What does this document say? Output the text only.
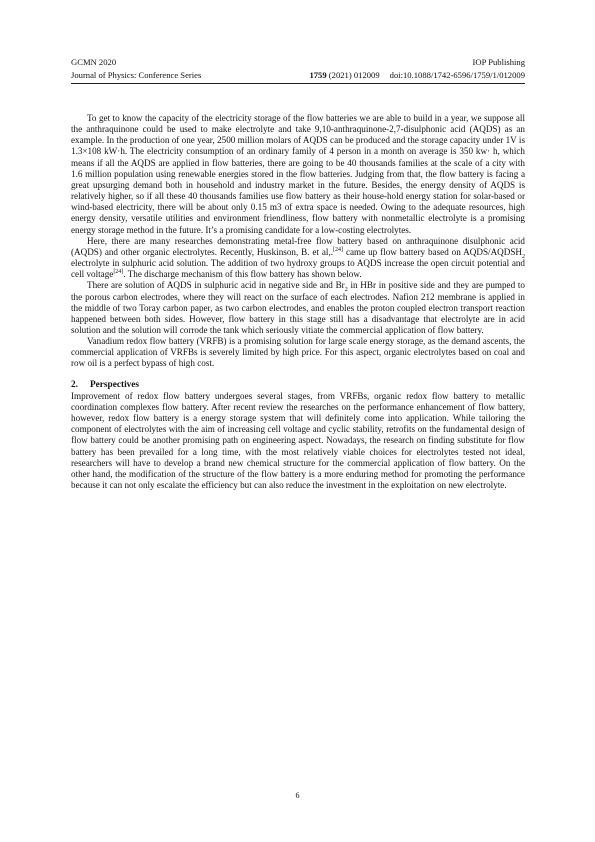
GCMN 2020	IOP Publishing
Journal of Physics: Conference Series	1759 (2021) 012009 doi:10.1088/1742-6596/1759/1/012009

To get to know the capacity of the electricity storage of the flow batteries we are able to build in a year, we suppose all the anthraquinone could be used to make electrolyte and take 9,10-anthraquinone-2,7-disulphonic acid (AQDS) as an example. In the production of one year, 2500 million molars of AQDS can be produced and the storage capacity under 1V is 1.3×108 kW·h. The electricity consumption of an ordinary family of 4 person in a month on average is 350 kw· h, which means if all the AQDS are applied in flow batteries, there are going to be 40 thousands families at the scale of a city with 1.6 million population using renewable energies stored in the flow batteries. Judging from that, the flow battery is facing a great upsurging demand both in household and industry market in the future. Besides, the energy density of AQDS is relatively higher, so if all these 40 thousands families use flow battery as their house-hold energy station for solar-based or wind-based electricity, there will be about only 0.15 m3 of extra space is needed. Owing to the adequate resources, high energy density, versatile utilities and environment friendliness, flow battery with nonmetallic electrolyte is a promising energy storage method in the future. It’s a promising candidate for a low-costing electrolytes.

Here, there are many researches demonstrating metal-free flow battery based on anthraquinone disulphonic acid (AQDS) and other organic electrolytes. Recently, Huskinson, B. et al,.[24] came up flow battery based on AQDS/$AQDSH_2$ electrolyte in sulphuric acid solution. The addition of two hydroxy groups to AQDS increase the open circuit potential and cell voltage[24]. The discharge mechanism of this flow battery has shown below.

There are solution of AQDS in sulphuric acid in negative side and $Br_2$ in HBr in positive side and they are pumped to the porous carbon electrodes, where they will react on the surface of each electrodes. Nafion 212 membrane is applied in the middle of two Toray carbon paper, as two carbon electrodes, and enables the proton coupled electron transport reaction happened between both sides. However, flow battery in this stage still has a disadvantage that electrolyte are in acid solution and the solution will corrode the tank which seriously vitiate the commercial application of flow battery.

Vanadium redox flow battery (VRFB) is a promising solution for large scale energy storage, as the demand ascents, the commercial application of VRFBs is severely limited by high price. For this aspect, organic electrolytes based on coal and row oil is a perfect bypass of high cost.

2. Perspectives

Improvement of redox flow battery undergoes several stages, from VRFBs, organic redox flow battery to metallic coordination complexes flow battery. After recent review the researches on the performance enhancement of flow battery, however, redox flow battery is a energy storage system that will definitely come into application. While tailoring the component of electrolytes with the aim of increasing cell voltage and cyclic stability, retrofits on the fundamental design of flow battery could be another promising path on engineering aspect. Nowadays, the research on finding substitute for flow battery has been prevailed for a long time, with the most relatively viable choices for electrolytes tested not ideal, researchers will have to develop a brand new chemical structure for the commercial application of flow battery. On the other hand, the modification of the structure of the flow battery is a more enduring method for promoting the performance because it can not only escalate the efficiency but can also reduce the investment in the exploitation on new electrolyte.

6
